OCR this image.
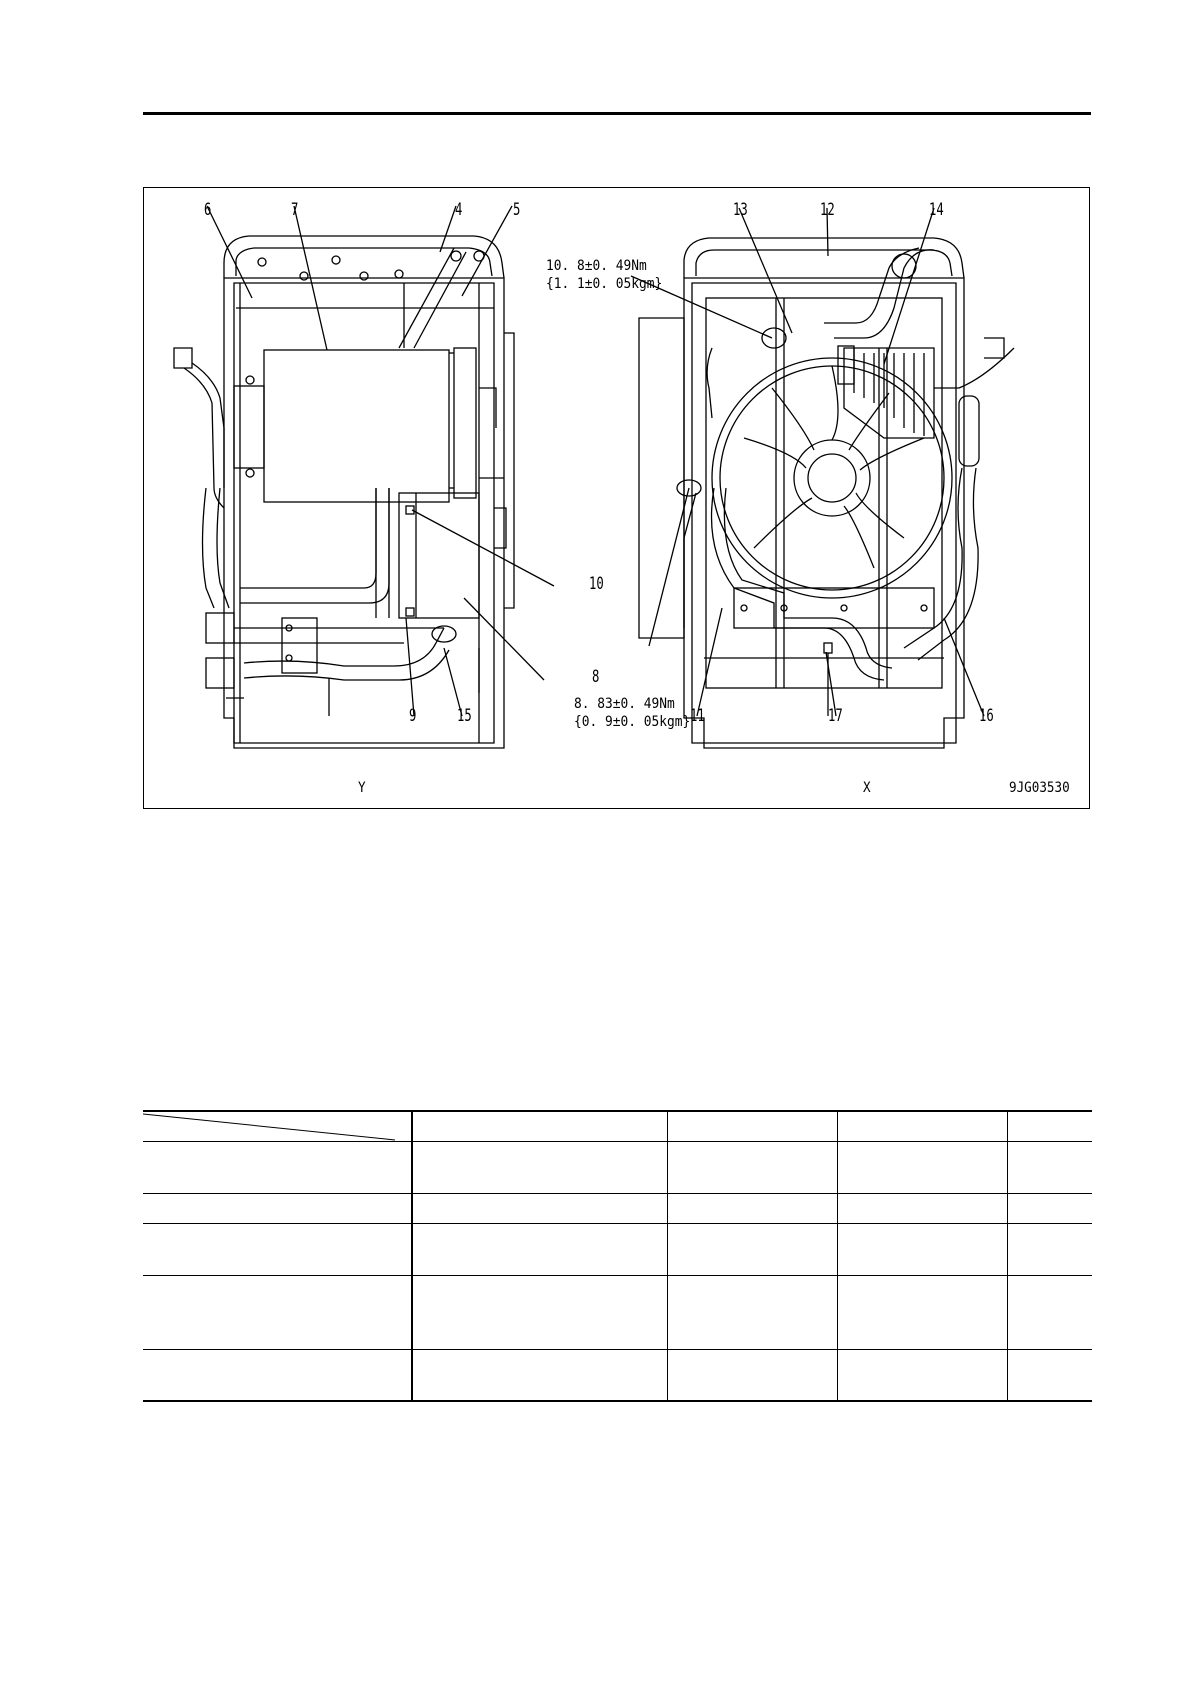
6	7	4	5
10
8
9 15
13	12	14
11	17	16
10. 8±0. 49Nm
{1. 1±0. 05kgm}
8. 83±0. 49Nm
{0. 9±0. 05kgm}
Y	X	9JG03530
